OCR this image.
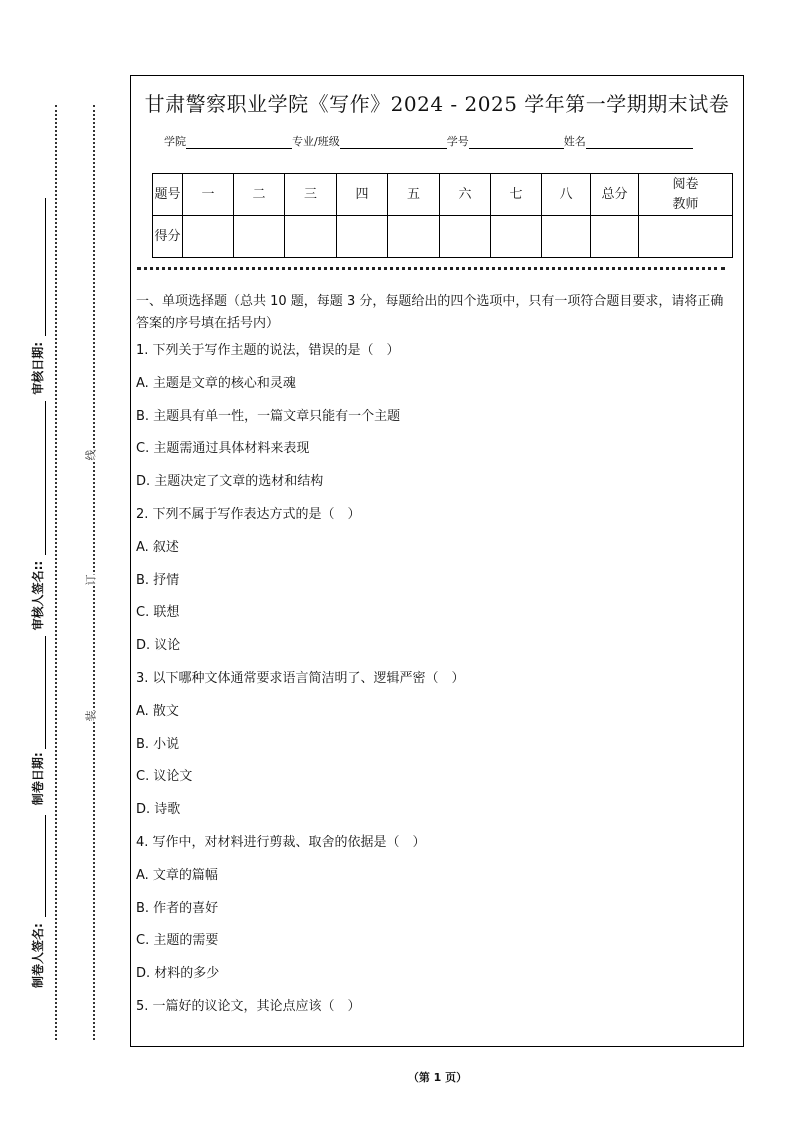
制卷人签名:
制卷日期:
审核人签名::
审核日期:
装
订
线
甘肃警察职业学院《写作》2024 - 2025 学年第一学期期末试卷
学院	专业/班级	学号	姓名
题号	一	二	三	四	五	六	七	八	总分	阅卷教师
得分										
一、单项选择题（总共 10 题，每题 3 分，每题给出的四个选项中，只有一项符合题目要求，请将正确答案的序号填在括号内）
1. 下列关于写作主题的说法，错误的是（　）
A. 主题是文章的核心和灵魂
B. 主题具有单一性，一篇文章只能有一个主题
C. 主题需通过具体材料来表现
D. 主题决定了文章的选材和结构
2. 下列不属于写作表达方式的是（　）
A. 叙述
B. 抒情
C. 联想
D. 议论
3. 以下哪种文体通常要求语言简洁明了、逻辑严密（　）
A. 散文
B. 小说
C. 议论文
D. 诗歌
4. 写作中，对材料进行剪裁、取舍的依据是（　）
A. 文章的篇幅
B. 作者的喜好
C. 主题的需要
D. 材料的多少
5. 一篇好的议论文，其论点应该（　）
（第 1 页）
